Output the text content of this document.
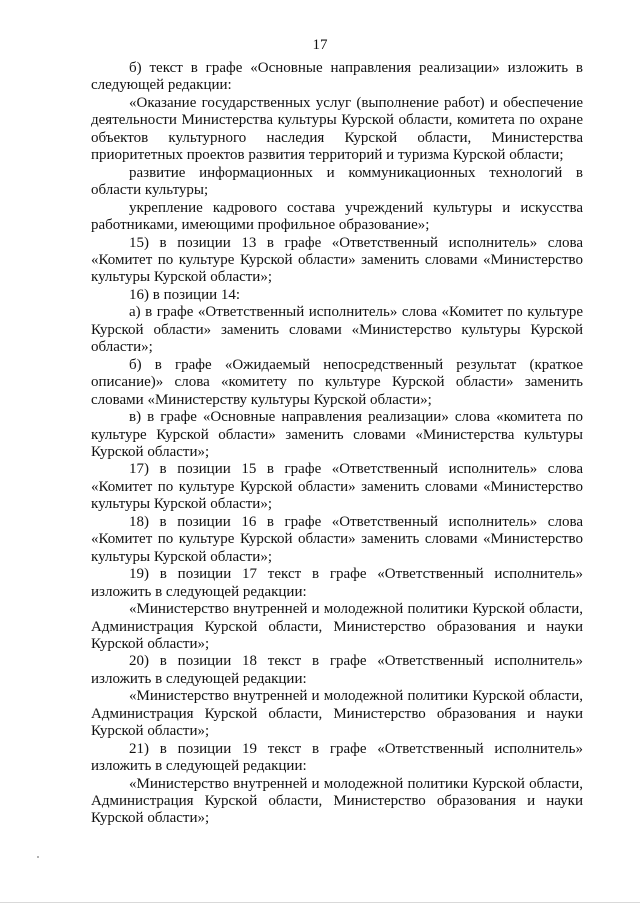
17

б) текст в графе «Основные направления реализации» изложить в следующей редакции:

«Оказание государственных услуг (выполнение работ) и обеспечение деятельности Министерства культуры Курской области, комитета по охране объектов культурного наследия Курской области, Министерства приоритетных проектов развития территорий и туризма Курской области;

развитие информационных и коммуникационных технологий в области культуры;

укрепление кадрового состава учреждений культуры и искусства работниками, имеющими профильное образование»;

15) в позиции 13 в графе «Ответственный исполнитель» слова «Комитет по культуре Курской области» заменить словами «Министерство культуры Курской области»;

16) в позиции 14:

а) в графе «Ответственный исполнитель» слова «Комитет по культуре Курской области» заменить словами «Министерство культуры Курской области»;

б) в графе «Ожидаемый непосредственный результат (краткое описание)» слова «комитету по культуре Курской области» заменить словами «Министерству культуры Курской области»;

в) в графе «Основные направления реализации» слова «комитета по культуре Курской области» заменить словами «Министерства культуры Курской области»;

17) в позиции 15 в графе «Ответственный исполнитель» слова «Комитет по культуре Курской области» заменить словами «Министерство культуры Курской области»;

18) в позиции 16 в графе «Ответственный исполнитель» слова «Комитет по культуре Курской области» заменить словами «Министерство культуры Курской области»;

19) в позиции 17 текст в графе «Ответственный исполнитель» изложить в следующей редакции:

«Министерство внутренней и молодежной политики Курской области, Администрация Курской области, Министерство образования и науки Курской области»;

20) в позиции 18 текст в графе «Ответственный исполнитель» изложить в следующей редакции:

«Министерство внутренней и молодежной политики Курской области, Администрация Курской области, Министерство образования и науки Курской области»;

21) в позиции 19 текст в графе «Ответственный исполнитель» изложить в следующей редакции:

«Министерство внутренней и молодежной политики Курской области, Администрация Курской области, Министерство образования и науки Курской области»;
